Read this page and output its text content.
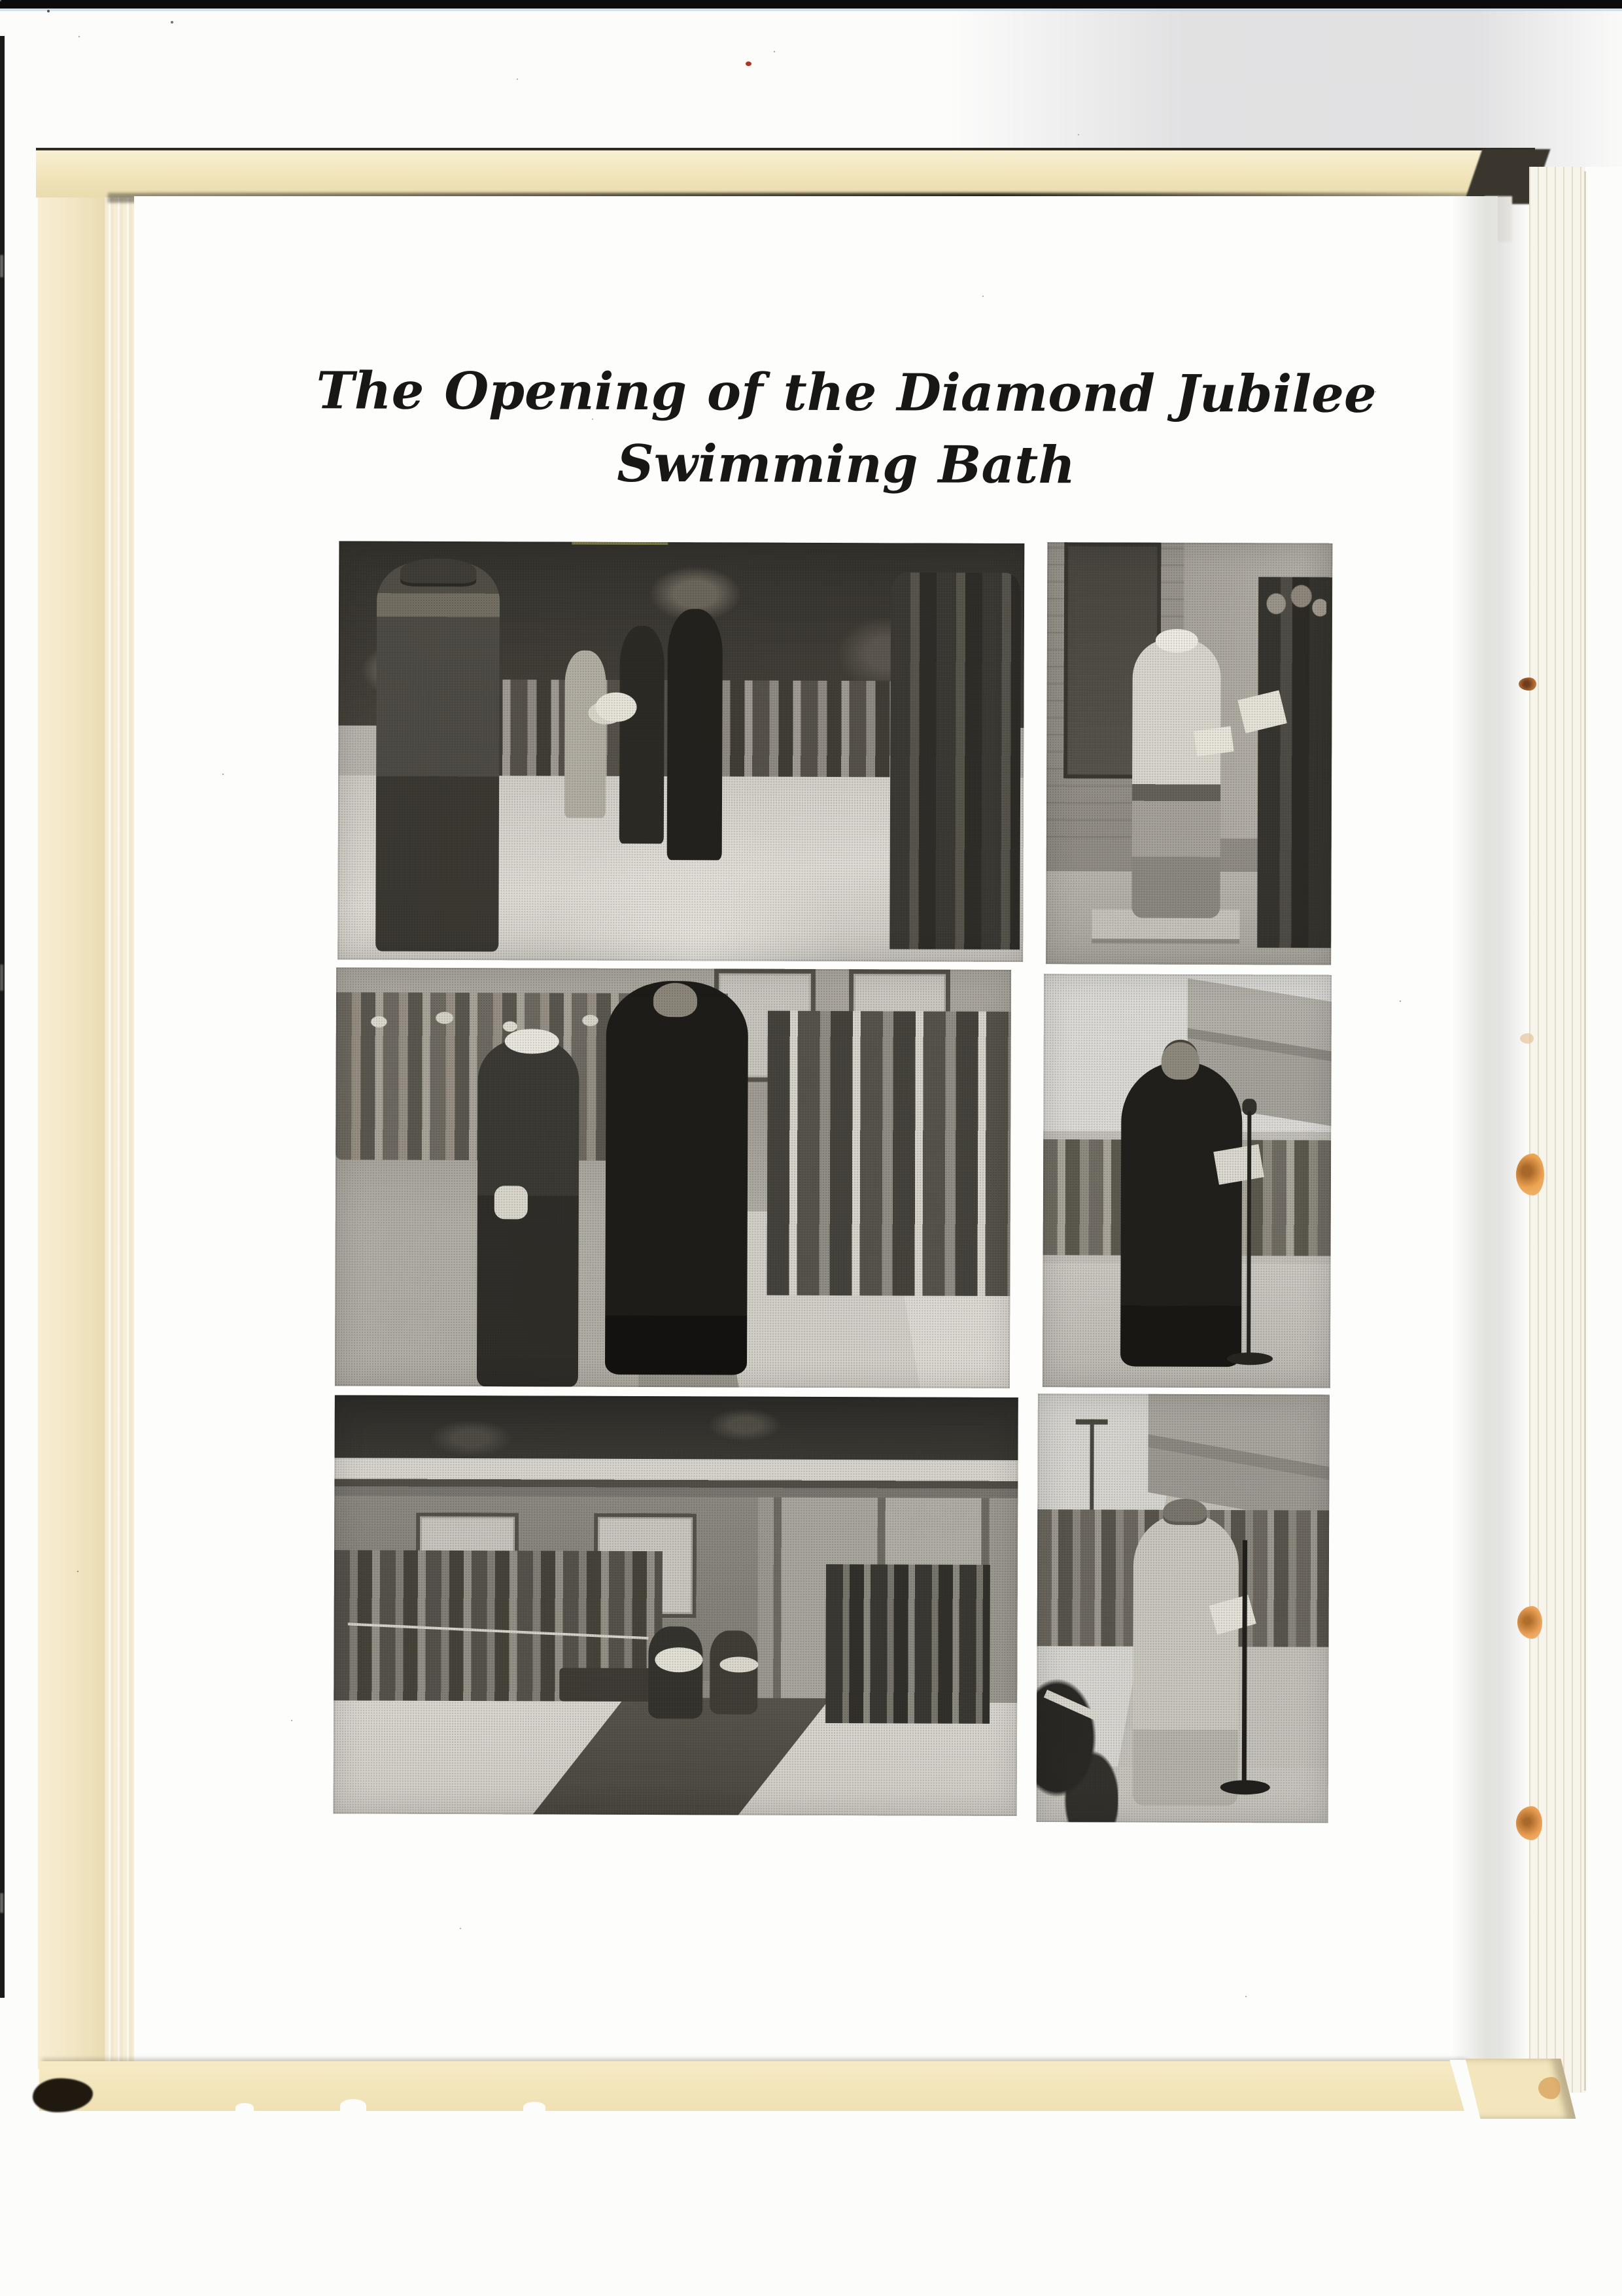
The Opening of the Diamond Jubilee
Swimming Bath
